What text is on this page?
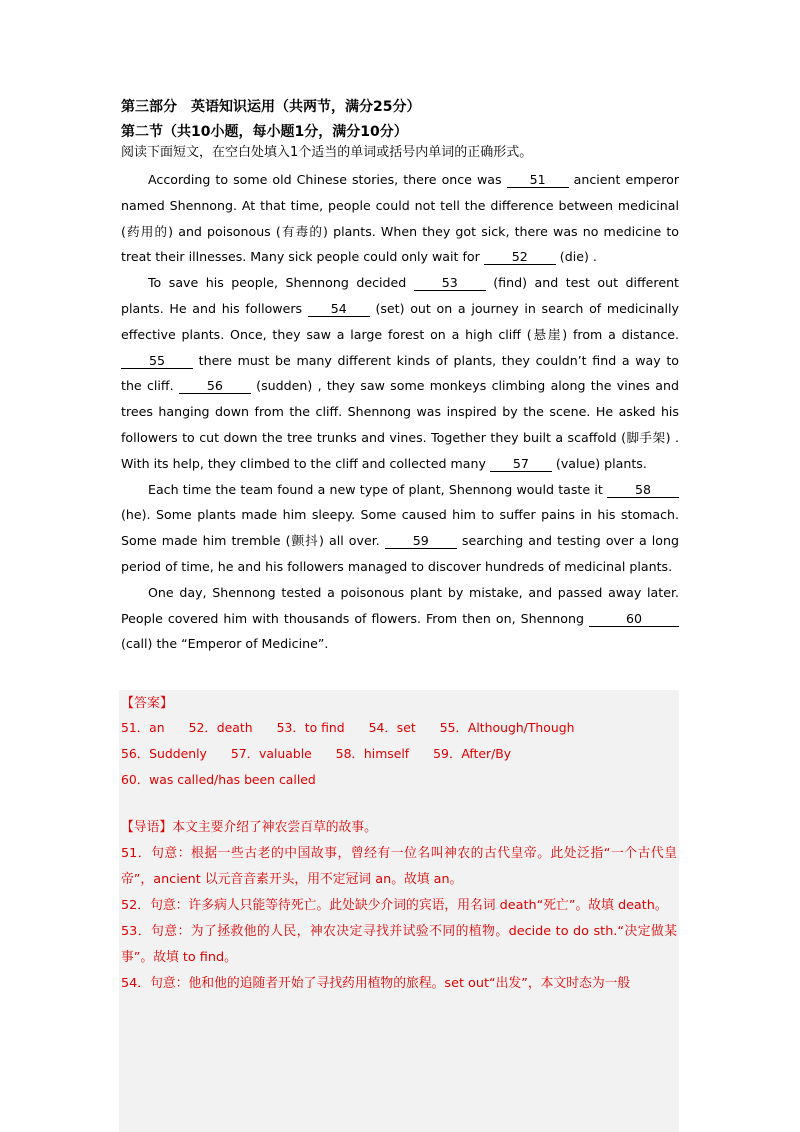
第三部分　英语知识运用（共两节，满分25分）
第二节（共10小题，每小题1分，满分10分）
阅读下面短文，在空白处填入1个适当的单词或括号内单词的正确形式。

According to some old Chinese stories, there once was 51 ancient emperor named Shennong. At that time, people could not tell the difference between medicinal (药用的) and poisonous (有毒的) plants. When they got sick, there was no medicine to treat their illnesses. Many sick people could only wait for 52 (die) .

To save his people, Shennong decided 53 (find) and test out different plants. He and his followers 54 (set) out on a journey in search of medicinally effective plants. Once, they saw a large forest on a high cliff (悬崖) from a distance. 55 there must be many different kinds of plants, they couldn’t find a way to the cliff. 56 (sudden) , they saw some monkeys climbing along the vines and trees hanging down from the cliff. Shennong was inspired by the scene. He asked his followers to cut down the tree trunks and vines. Together they built a scaffold (脚手架) . With its help, they climbed to the cliff and collected many 57 (value) plants.

Each time the team found a new type of plant, Shennong would taste it 58 (he). Some plants made him sleepy. Some caused him to suffer pains in his stomach. Some made him tremble (颤抖) all over. 59 searching and testing over a long period of time, he and his followers managed to discover hundreds of medicinal plants.

One day, Shennong tested a poisonous plant by mistake, and passed away later. People covered him with thousands of flowers. From then on, Shennong	60 (call) the “Emperor of Medicine”.

【答案】
51．an 52．death 53．to find 54．set 55．Although/Though56．Suddenly 57．valuable 58．himself 59．After/By60．was called/has been called
【导语】本文主要介绍了神农尝百草的故事。
51．句意：根据一些古老的中国故事，曾经有一位名叫神农的古代皇帝。此处泛指“一个古代皇帝”，ancient 以元音音素开头，用不定冠词 an。故填 an。
52．句意：许多病人只能等待死亡。此处缺少介词的宾语，用名词 death“死亡”。故填 death。
53．句意：为了拯救他的人民，神农决定寻找并试验不同的植物。decide to do sth.“决定做某事”。故填 to find。
54．句意：他和他的追随者开始了寻找药用植物的旅程。set out“出发”，本文时态为一般
